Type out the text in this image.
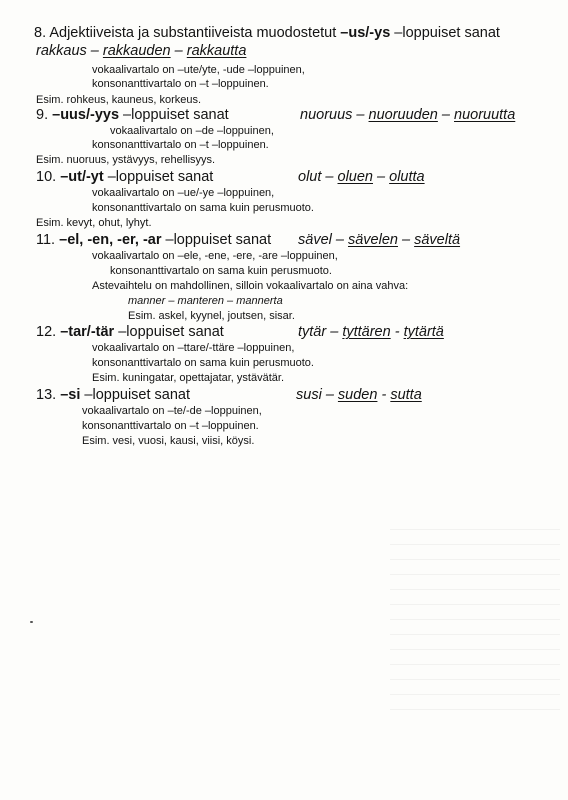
8. Adjektiiveista ja substantiiveista muodostetut –us/-ys –loppuiset sanat
rakkaus – rakkauden – rakkautta
vokaalivartalo on –ute/yte, -ude –loppuinen,
konsonanttivartalo on –t –loppuinen.
Esim. rohkeus, kauneus, korkeus.
9. –uus/-yys –loppuiset sanat	nuoruus – nuoruuden – nuoruutta
vokaalivartalo on –de –loppuinen,
konsonanttivartalo on –t –loppuinen.
Esim. nuoruus, ystävyys, rehellisyys.
10. –ut/-yt –loppuiset sanat	olut – oluen – olutta
vokaalivartalo on –ue/-ye –loppuinen,
konsonanttivartalo on sama kuin perusmuoto.
Esim. kevyt, ohut, lyhyt.
11. –el, -en, -er, -ar –loppuiset sanat sävel – sävelen – säveltä
vokaalivartalo on –ele, -ene, -ere, -are –loppuinen,
konsonanttivartalo on sama kuin perusmuoto.
Astevaihtelu on mahdollinen, silloin vokaalivartalo on aina vahva:
manner – manteren – mannerta
Esim. askel, kyynel, joutsen, sisar.
12. –tar/-tär –loppuiset sanat	tytär – tyttären - tytärtä
vokaalivartalo on –ttare/-ttäre –loppuinen,
konsonanttivartalo on sama kuin perusmuoto.
Esim. kuningatar, opettajatar, ystävätär.
13. –si –loppuiset sanat	susi – suden - sutta
vokaalivartalo on –te/-de –loppuinen,
konsonanttivartalo on –t –loppuinen.
Esim. vesi, vuosi, kausi, viisi, köysi.
